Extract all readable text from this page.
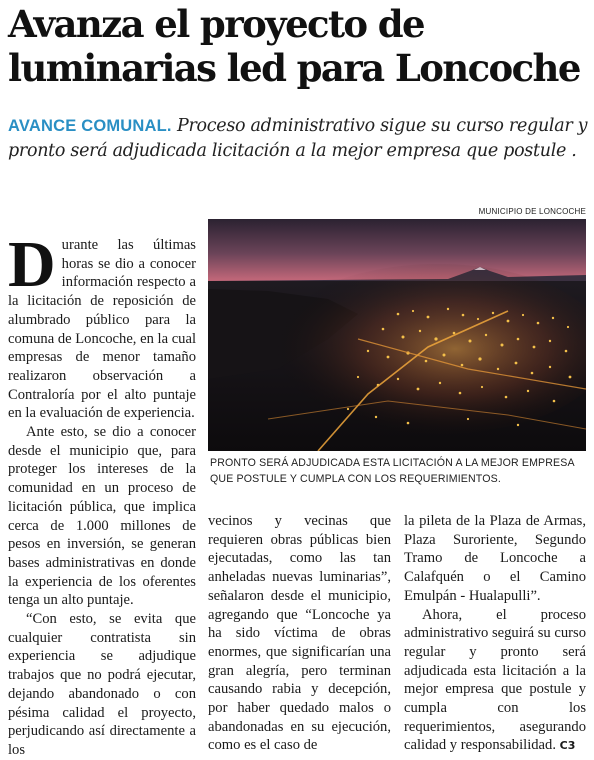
Avanza el proyecto de
luminarias led para Loncoche

AVANCE COMUNAL. Proceso administrativo sigue su curso regular y pronto será adjudicada licitación a la mejor empresa que postule .

MUNICIPIO DE LONCOCHE

PRONTO SERÁ ADJUDICADA ESTA LICITACIÓN A LA MEJOR EMPRESA QUE POSTULE Y CUMPLA CON LOS REQUERIMIENTOS.

Durante las últimas horas se dio a conocer información respecto a la licitación de reposición de alumbrado público para la comuna de Loncoche, en la cual empresas de menor tamaño realizaron observación a Contraloría por el alto puntaje en la evaluación de experiencia.

Ante esto, se dio a conocer desde el municipio que, para proteger los intereses de la comunidad en un proceso de licitación pública, que implica cerca de 1.000 millones de pesos en inversión, se generan bases administrativas en donde la experiencia de los oferentes tenga un alto puntaje.

“Con esto, se evita que cualquier contratista sin experiencia se adjudique trabajos que no podrá ejecutar, dejando abandonado o con pésima calidad el proyecto, perjudicando así directamente a los

vecinos y vecinas que requieren obras públicas bien ejecutadas, como las tan anheladas nuevas luminarias”, señalaron desde el municipio, agregando que “Loncoche ya ha sido víctima de obras enormes, que significarían una gran alegría, pero terminan causando rabia y decepción, por haber quedado malos o abandonadas en su ejecución, como es el caso de

la pileta de la Plaza de Armas, Plaza Suroriente, Segundo Tramo de Loncoche a Calafquén o el Camino Emulpán - Hualapulli”.

Ahora, el proceso administrativo seguirá su curso regular y pronto será adjudicada esta licitación a la mejor empresa que postule y cumpla con los requerimientos, asegurando calidad y responsabilidad. C3
